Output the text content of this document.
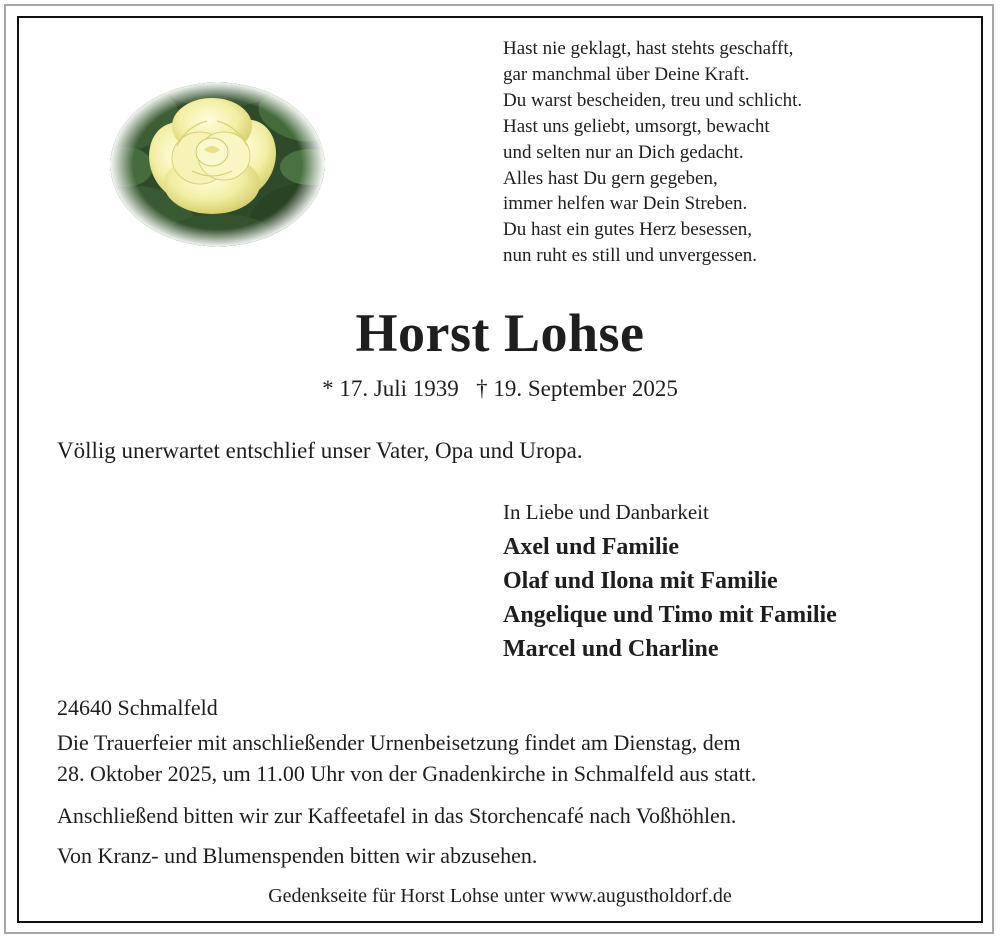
Hast nie geklagt, hast stehts geschafft,
gar manchmal über Deine Kraft.
Du warst bescheiden, treu und schlicht.
Hast uns geliebt, umsorgt, bewacht
und selten nur an Dich gedacht.
Alles hast Du gern gegeben,
immer helfen war Dein Streben.
Du hast ein gutes Herz besessen,
nun ruht es still und unvergessen.
Horst Lohse
* 17. Juli 1939 † 19. September 2025
Völlig unerwartet entschlief unser Vater, Opa und Uropa.
In Liebe und Danbarkeit
Axel und Familie
Olaf und Ilona mit Familie
Angelique und Timo mit Familie
Marcel und Charline
24640 Schmalfeld
Die Trauerfeier mit anschließender Urnenbeisetzung findet am Dienstag, dem
28. Oktober 2025, um 11.00 Uhr von der Gnadenkirche in Schmalfeld aus statt.
Anschließend bitten wir zur Kaffeetafel in das Storchencafé nach Voßhöhlen.
Von Kranz- und Blumenspenden bitten wir abzusehen.
Gedenkseite für Horst Lohse unter www.augustholdorf.de
